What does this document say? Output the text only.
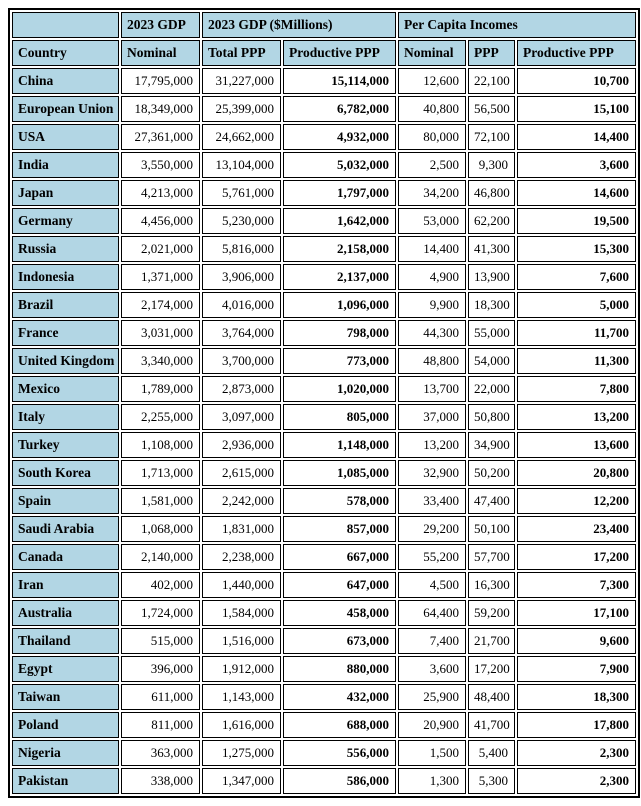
	2023 GDP	2023 GDP ($Millions)		Per Capita Incomes		
Country	Nominal	Total PPP	Productive PPP	Nominal	PPP	Productive PPP
China	17,795,000	31,227,000	15,114,000	12,600	22,100	10,700
European Union	18,349,000	25,399,000	6,782,000	40,800	56,500	15,100
USA	27,361,000	24,662,000	4,932,000	80,000	72,100	14,400
India	3,550,000	13,104,000	5,032,000	2,500	9,300	3,600
Japan	4,213,000	5,761,000	1,797,000	34,200	46,800	14,600
Germany	4,456,000	5,230,000	1,642,000	53,000	62,200	19,500
Russia	2,021,000	5,816,000	2,158,000	14,400	41,300	15,300
Indonesia	1,371,000	3,906,000	2,137,000	4,900	13,900	7,600
Brazil	2,174,000	4,016,000	1,096,000	9,900	18,300	5,000
France	3,031,000	3,764,000	798,000	44,300	55,000	11,700
United Kingdom	3,340,000	3,700,000	773,000	48,800	54,000	11,300
Mexico	1,789,000	2,873,000	1,020,000	13,700	22,000	7,800
Italy	2,255,000	3,097,000	805,000	37,000	50,800	13,200
Turkey	1,108,000	2,936,000	1,148,000	13,200	34,900	13,600
South Korea	1,713,000	2,615,000	1,085,000	32,900	50,200	20,800
Spain	1,581,000	2,242,000	578,000	33,400	47,400	12,200
Saudi Arabia	1,068,000	1,831,000	857,000	29,200	50,100	23,400
Canada	2,140,000	2,238,000	667,000	55,200	57,700	17,200
Iran	402,000	1,440,000	647,000	4,500	16,300	7,300
Australia	1,724,000	1,584,000	458,000	64,400	59,200	17,100
Thailand	515,000	1,516,000	673,000	7,400	21,700	9,600
Egypt	396,000	1,912,000	880,000	3,600	17,200	7,900
Taiwan	611,000	1,143,000	432,000	25,900	48,400	18,300
Poland	811,000	1,616,000	688,000	20,900	41,700	17,800
Nigeria	363,000	1,275,000	556,000	1,500	5,400	2,300
Pakistan	338,000	1,347,000	586,000	1,300	5,300	2,300
